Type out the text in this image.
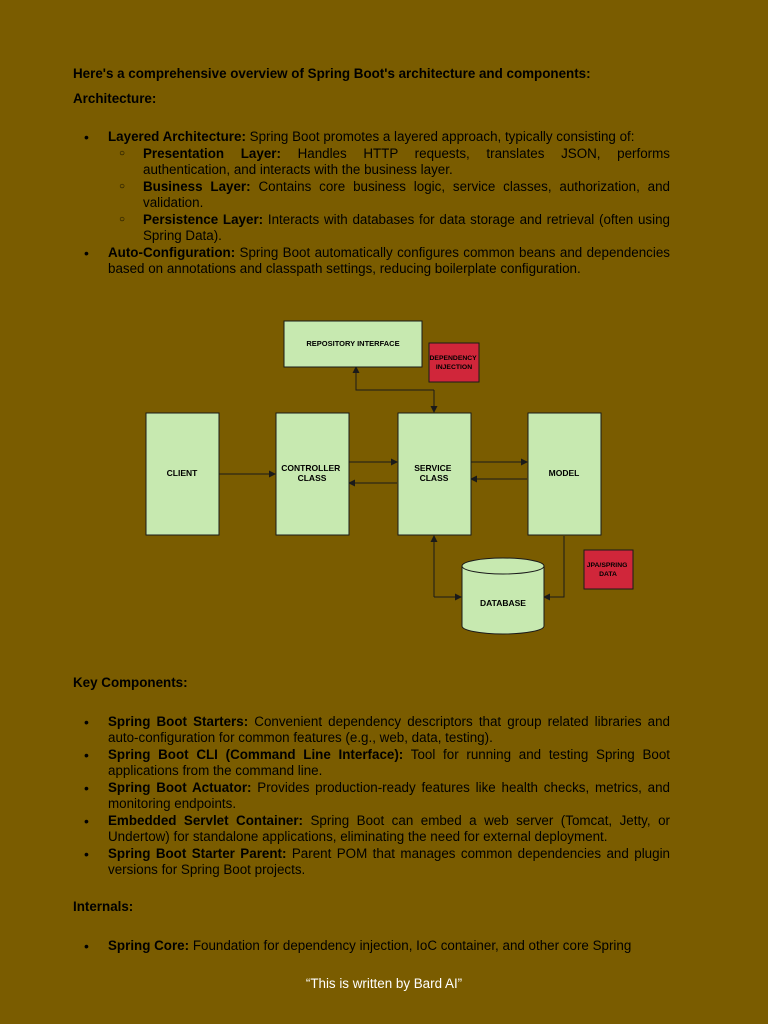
Here's a comprehensive overview of Spring Boot's architecture and components:

Architecture:

• Layered Architecture: Spring Boot promotes a layered approach, typically consisting of:
○ Presentation Layer: Handles HTTP requests, translates JSON, performs authentication, and interacts with the business layer.
○ Business Layer: Contains core business logic, service classes, authorization, and validation.
○ Persistence Layer: Interacts with databases for data storage and retrieval (often using Spring Data).
• Auto-Configuration: Spring Boot automatically configures common beans and dependencies based on annotations and classpath settings, reducing boilerplate configuration.
REPOSITORY INTERFACE
DEPENDENCY INJECTION
CLIENT	CONTROLLER CLASS
SERVICE CLASS	MODEL
DATABASE
JPA/SPRING DATA

Key Components:

• Spring Boot Starters: Convenient dependency descriptors that group related libraries and auto-configuration for common features (e.g., web, data, testing).
• Spring Boot CLI (Command Line Interface): Tool for running and testing Spring Boot applications from the command line.
• Spring Boot Actuator: Provides production-ready features like health checks, metrics, and monitoring endpoints.
• Embedded Servlet Container: Spring Boot can embed a web server (Tomcat, Jetty, or Undertow) for standalone applications, eliminating the need for external deployment.
• Spring Boot Starter Parent: Parent POM that manages common dependencies and plugin versions for Spring Boot projects.

Internals:

• Spring Core: Foundation for dependency injection, IoC container, and other core Spring
“This is written by Bard AI”
